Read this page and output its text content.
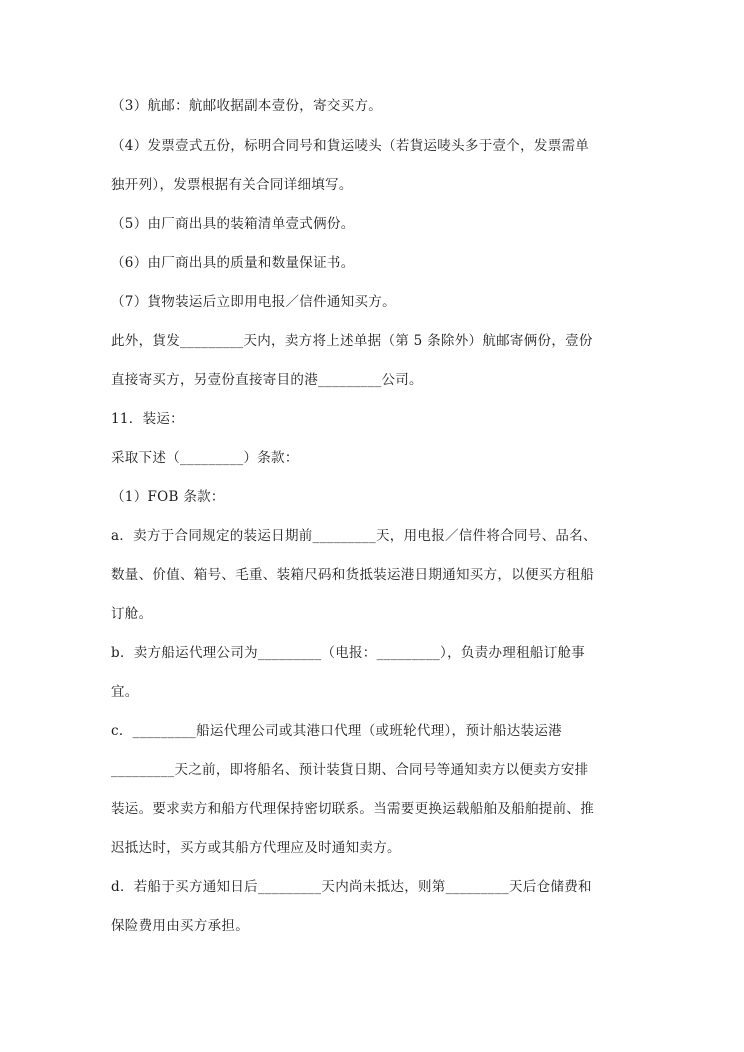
（3）航邮：航邮收据副本壹份，寄交买方。
（4）发票壹式五份，标明合同号和貨运唛头（若貨运唛头多于壹个，发票需单
独开列），发票根据有关合同详细填写。
（5）由厂商出具的装箱清单壹式俩份。
（6）由厂商出具的质量和数量保证书。
（7）貨物装运后立即用电报／信件通知买方。
此外，貨发_________天内，卖方将上述单据（第 5 条除外）航邮寄俩份，壹份
直接寄买方，另壹份直接寄目的港_________公司。
11．装运：
采取下述（_________）条款：
（1）FOB 条款：
a．卖方于合同规定的装运日期前_________天，用电报／信件将合同号、品名、
数量、价值、箱号、毛重、装箱尺码和货抵装运港日期通知买方，以便买方租船
订舱。
b．卖方船运代理公司为_________（电报：_________），负责办理租船订舱事
宜。
c．_________船运代理公司或其港口代理（或班轮代理），预计船达装运港
_________天之前，即将船名、预计装貨日期、合同号等通知卖方以便卖方安排
装运。要求卖方和船方代理保持密切联系。当需要更换运载船舶及船舶提前、推
迟抵达时，买方或其船方代理应及时通知卖方。
d．若船于买方通知日后_________天内尚未抵达，则第_________天后仓储费和
保险费用由买方承担。
